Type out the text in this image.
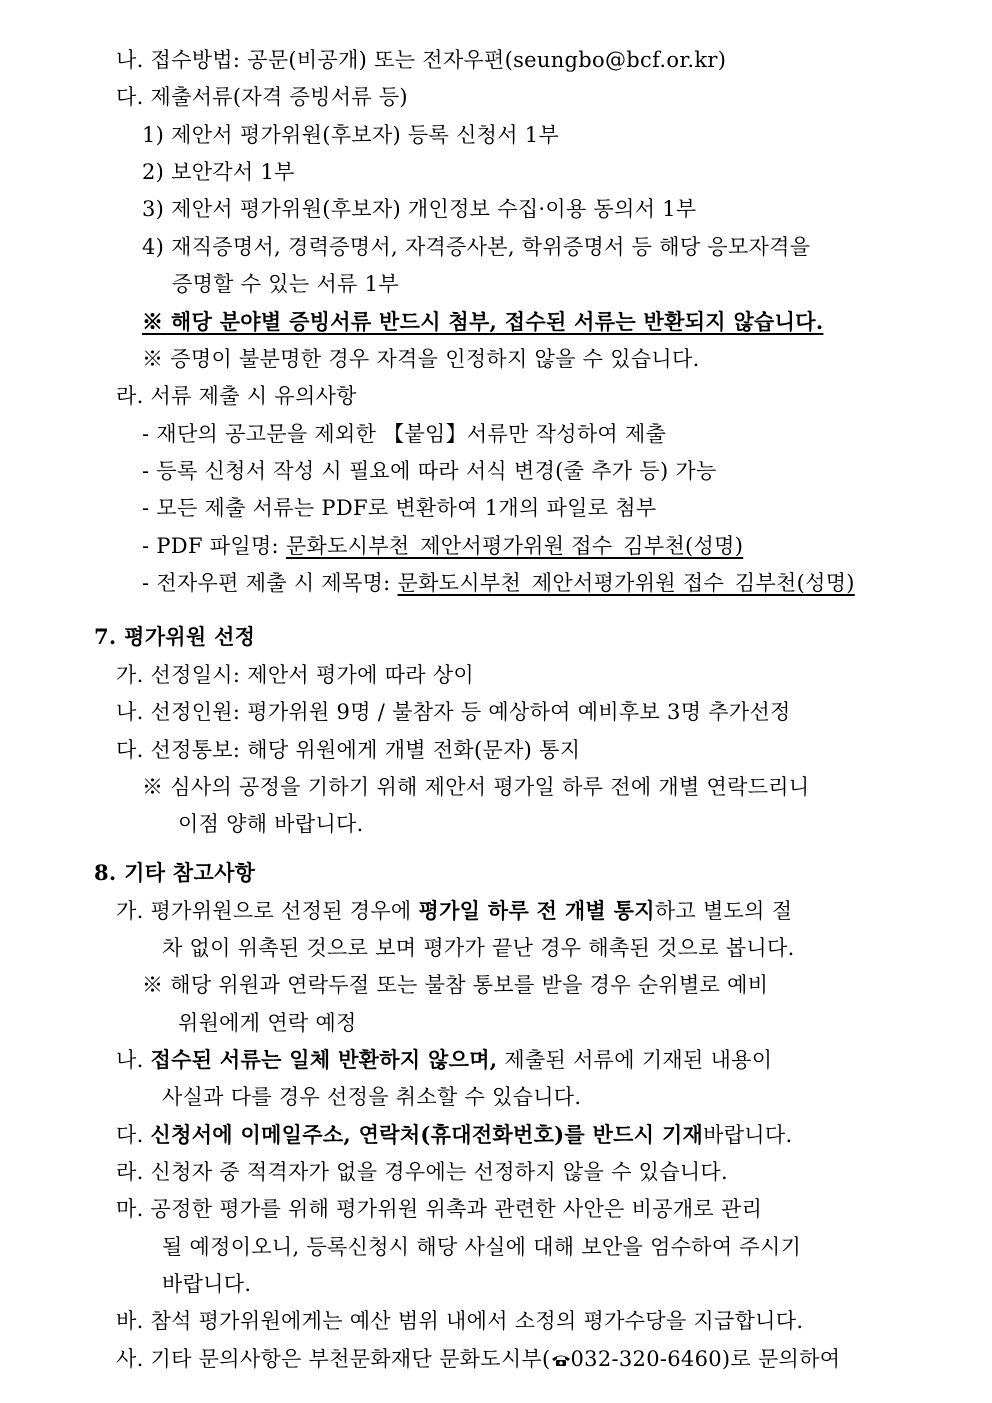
나. 접수방법: 공문(비공개) 또는 전자우편(seungbo@bcf.or.kr)
다. 제출서류(자격 증빙서류 등)
1) 제안서 평가위원(후보자) 등록 신청서 1부
2) 보안각서 1부
3) 제안서 평가위원(후보자) 개인정보 수집·이용 동의서 1부
4) 재직증명서, 경력증명서, 자격증사본, 학위증명서 등 해당 응모자격을
증명할 수 있는 서류 1부
※ 해당 분야별 증빙서류 반드시 첨부, 접수된 서류는 반환되지 않습니다.
※ 증명이 불분명한 경우 자격을 인정하지 않을 수 있습니다.
라. 서류 제출 시 유의사항
- 재단의 공고문을 제외한 【붙임】서류만 작성하여 제출
- 등록 신청서 작성 시 필요에 따라 서식 변경(줄 추가 등) 가능
- 모든 제출 서류는 PDF로 변환하여 1개의 파일로 첨부
- PDF 파일명: 문화도시부천_제안서평가위원 접수_김부천(성명)
- 전자우편 제출 시 제목명: 문화도시부천_제안서평가위원 접수_김부천(성명)
7. 평가위원 선정
가. 선정일시: 제안서 평가에 따라 상이
나. 선정인원: 평가위원 9명 / 불참자 등 예상하여 예비후보 3명 추가선정
다. 선정통보: 해당 위원에게 개별 전화(문자) 통지
※ 심사의 공정을 기하기 위해 제안서 평가일 하루 전에 개별 연락드리니
이점 양해 바랍니다.
8. 기타 참고사항
가. 평가위원으로 선정된 경우에 평가일 하루 전 개별 통지하고 별도의 절
차 없이 위촉된 것으로 보며 평가가 끝난 경우 해촉된 것으로 봅니다.
※ 해당 위원과 연락두절 또는 불참 통보를 받을 경우 순위별로 예비
위원에게 연락 예정
나. 접수된 서류는 일체 반환하지 않으며, 제출된 서류에 기재된 내용이
사실과 다를 경우 선정을 취소할 수 있습니다.
다. 신청서에 이메일주소, 연락처(휴대전화번호)를 반드시 기재바랍니다.
라. 신청자 중 적격자가 없을 경우에는 선정하지 않을 수 있습니다.
마. 공정한 평가를 위해 평가위원 위촉과 관련한 사안은 비공개로 관리
될 예정이오니, 등록신청시 해당 사실에 대해 보안을 엄수하여 주시기
바랍니다.
바. 참석 평가위원에게는 예산 범위 내에서 소정의 평가수당을 지급합니다.
사. 기타 문의사항은 부천문화재단 문화도시부( 032-320-6460)로 문의하여
